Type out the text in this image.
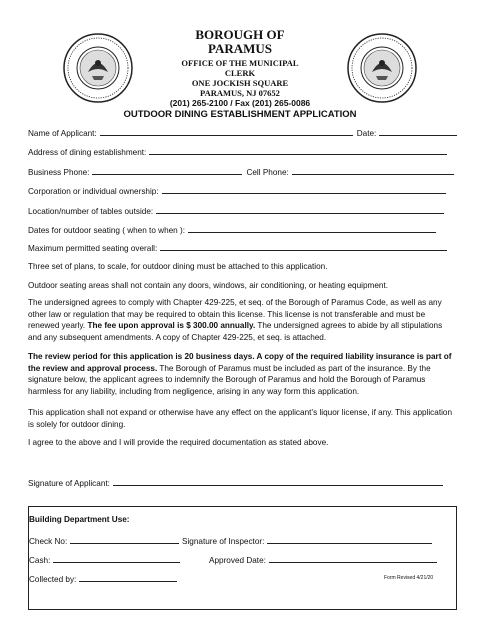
BOROUGH OF
PARAMUS
OFFICE OF THE MUNICIPAL
CLERK
ONE JOCKISH SQUARE
PARAMUS, NJ 07652
(201) 265-2100 / Fax (201) 265-0086
OUTDOOR DINING ESTABLISHMENT APPLICATION
Name of Applicant:	Date:
Address of dining establishment:
Business Phone:	Cell Phone:
Corporation or individual ownership:
Location/number of tables outside:
Dates for outdoor seating ( when to when ):
Maximum permitted seating overall:
Three set of plans, to scale, for outdoor dining must be attached to this application.
Outdoor seating areas shall not contain any doors, windows, air conditioning, or heating equipment.
The undersigned agrees to comply with Chapter 429-225, et seq. of the Borough of Paramus Code, as well as any other law or regulation that may be required to obtain this license. This license is not transferable and must be renewed yearly. The fee upon approval is $ 300.00 annually. The undersigned agrees to abide by all stipulations and any subsequent amendments. A copy of Chapter 429-225, et seq. is attached.
The review period for this application is 20 business days. A copy of the required liability insurance is part of the review and approval process. The Borough of Paramus must be included as part of the insurance. By the signature below, the applicant agrees to indemnify the Borough of Paramus and hold the Borough of Paramus harmless for any liability, including from negligence, arising in any way form this application.
This application shall not expand or otherwise have any effect on the applicant’s liquor license, if any. This application is solely for outdoor dining.
I agree to the above and I will provide the required documentation as stated above.
Signature of Applicant:
Building Department Use:
Check No:	Signature of Inspector:
Cash:	Approved Date:
Collected by:	Form Revised 4/21/20
